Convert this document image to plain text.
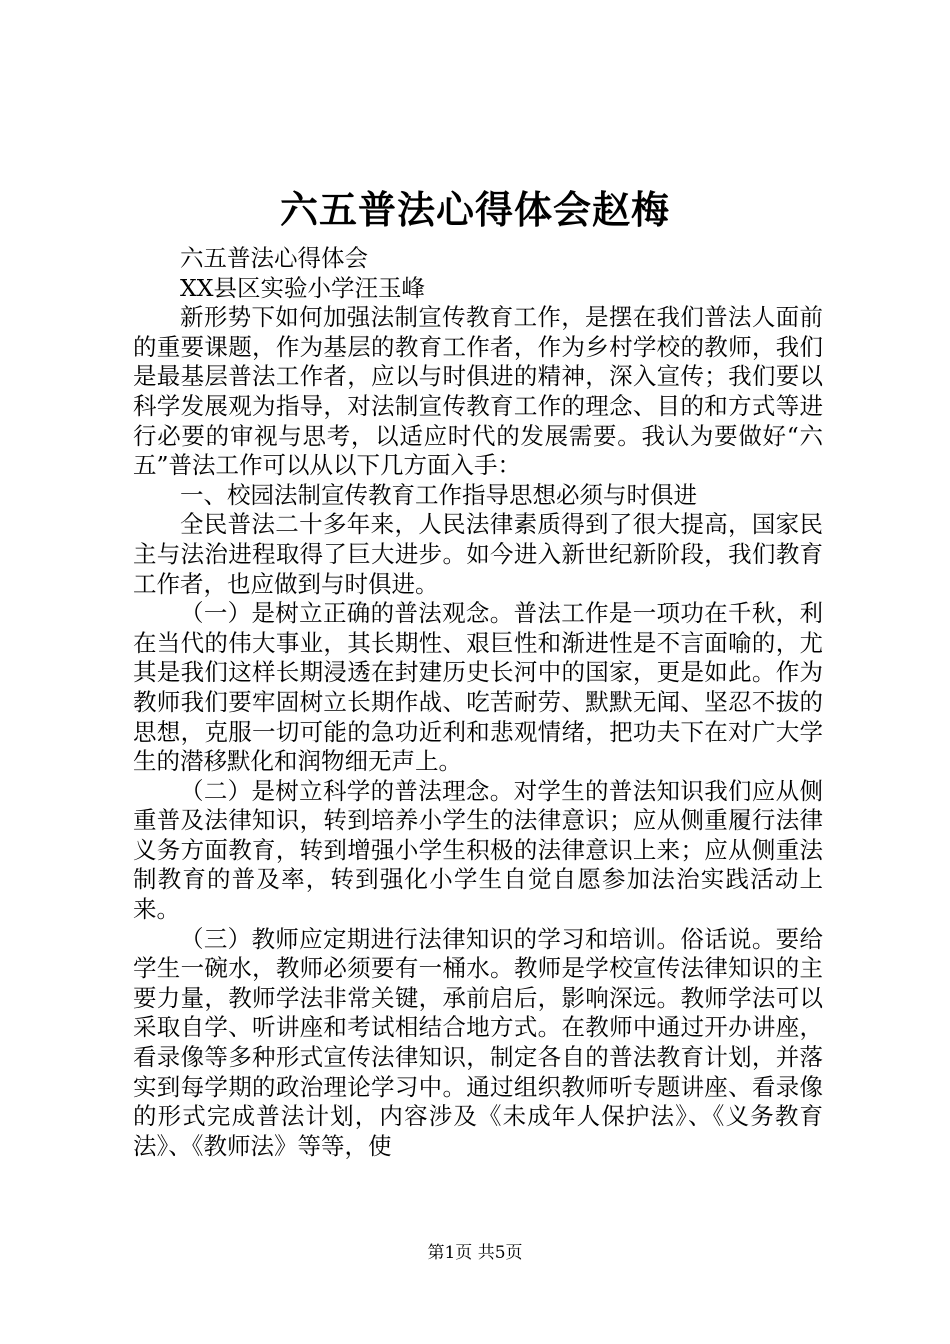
六五普法心得体会赵梅

六五普法心得体会

XX县区实验小学汪玉峰

新形势下如何加强法制宣传教育工作，是摆在我们普法人面前的重要课题，作为基层的教育工作者，作为乡村学校的教师，我们是最基层普法工作者，应以与时俱进的精神，深入宣传；我们要以科学发展观为指导，对法制宣传教育工作的理念、目的和方式等进行必要的审视与思考，以适应时代的发展需要。我认为要做好“六五”普法工作可以从以下几方面入手：

一、校园法制宣传教育工作指导思想必须与时俱进

全民普法二十多年来，人民法律素质得到了很大提高，国家民主与法治进程取得了巨大进步。如今进入新世纪新阶段，我们教育工作者，也应做到与时俱进。

（一）是树立正确的普法观念。普法工作是一项功在千秋，利在当代的伟大事业，其长期性、艰巨性和渐进性是不言面喻的，尤其是我们这样长期浸透在封建历史长河中的国家，更是如此。作为教师我们要牢固树立长期作战、吃苦耐劳、默默无闻、坚忍不拔的思想，克服一切可能的急功近利和悲观情绪，把功夫下在对广大学生的潜移默化和润物细无声上。

（二）是树立科学的普法理念。对学生的普法知识我们应从侧重普及法律知识，转到培养小学生的法律意识；应从侧重履行法律义务方面教育，转到增强小学生积极的法律意识上来；应从侧重法制教育的普及率，转到强化小学生自觉自愿参加法治实践活动上来。

（三）教师应定期进行法律知识的学习和培训。俗话说。要给学生一碗水，教师必须要有一桶水。教师是学校宣传法律知识的主要力量，教师学法非常关键，承前启后，影响深远。教师学法可以采取自学、听讲座和考试相结合地方式。在教师中通过开办讲座，看录像等多种形式宣传法律知识，制定各自的普法教育计划，并落实到每学期的政治理论学习中。通过组织教师听专题讲座、看录像的形式完成普法计划，内容涉及《未成年人保护法》、《义务教育法》、《教师法》等等，使

第1页 共5页
